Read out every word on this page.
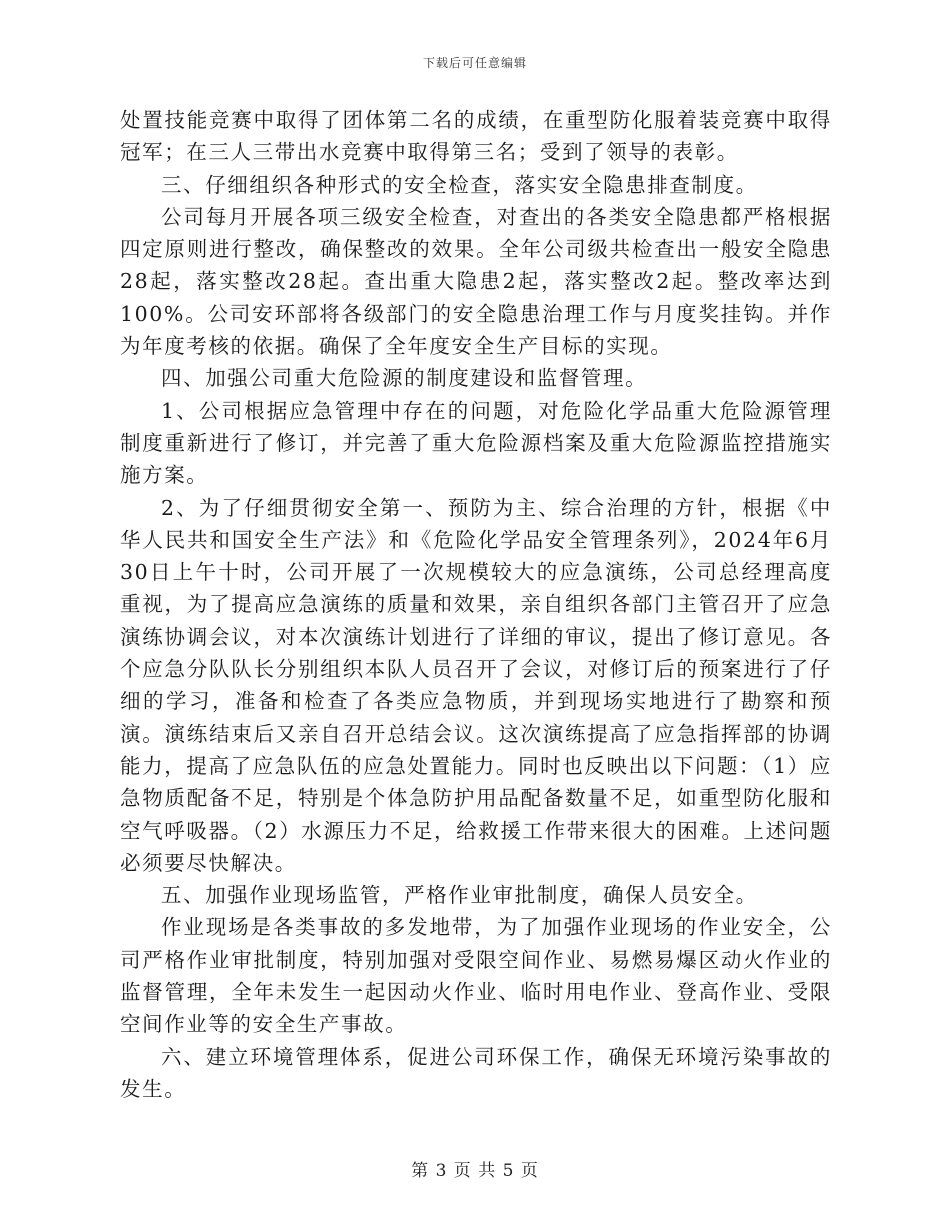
下载后可任意编辑

处置技能竞赛中取得了团体第二名的成绩，在重型防化服着装竞赛中取得冠军；在三人三带出水竞赛中取得第三名；受到了领导的表彰。

三、仔细组织各种形式的安全检查，落实安全隐患排查制度。

公司每月开展各项三级安全检查，对查出的各类安全隐患都严格根据四定原则进行整改，确保整改的效果。全年公司级共检查出一般安全隐患28起，落实整改28起。查出重大隐患2起，落实整改2起。整改率达到100%。公司安环部将各级部门的安全隐患治理工作与月度奖挂钩。并作为年度考核的依据。确保了全年度安全生产目标的实现。

四、加强公司重大危险源的制度建设和监督管理。

1、公司根据应急管理中存在的问题，对危险化学品重大危险源管理制度重新进行了修订，并完善了重大危险源档案及重大危险源监控措施实施方案。

2、为了仔细贯彻安全第一、预防为主、综合治理的方针，根据《中华人民共和国安全生产法》和《危险化学品安全管理条列》，2024年6月30日上午十时，公司开展了一次规模较大的应急演练，公司总经理高度重视，为了提高应急演练的质量和效果，亲自组织各部门主管召开了应急演练协调会议，对本次演练计划进行了详细的审议，提出了修订意见。各个应急分队队长分别组织本队人员召开了会议，对修订后的预案进行了仔细的学习，准备和检查了各类应急物质，并到现场实地进行了勘察和预演。演练结束后又亲自召开总结会议。这次演练提高了应急指挥部的协调能力，提高了应急队伍的应急处置能力。同时也反映出以下问题：（1）应急物质配备不足，特别是个体急防护用品配备数量不足，如重型防化服和空气呼吸器。（2）水源压力不足，给救援工作带来很大的困难。上述问题必须要尽快解决。

五、加强作业现场监管，严格作业审批制度，确保人员安全。

作业现场是各类事故的多发地带，为了加强作业现场的作业安全，公司严格作业审批制度，特别加强对受限空间作业、易燃易爆区动火作业的监督管理，全年未发生一起因动火作业、临时用电作业、登高作业、受限空间作业等的安全生产事故。

六、建立环境管理体系，促进公司环保工作，确保无环境污染事故的发生。

第 3 页 共 5 页
